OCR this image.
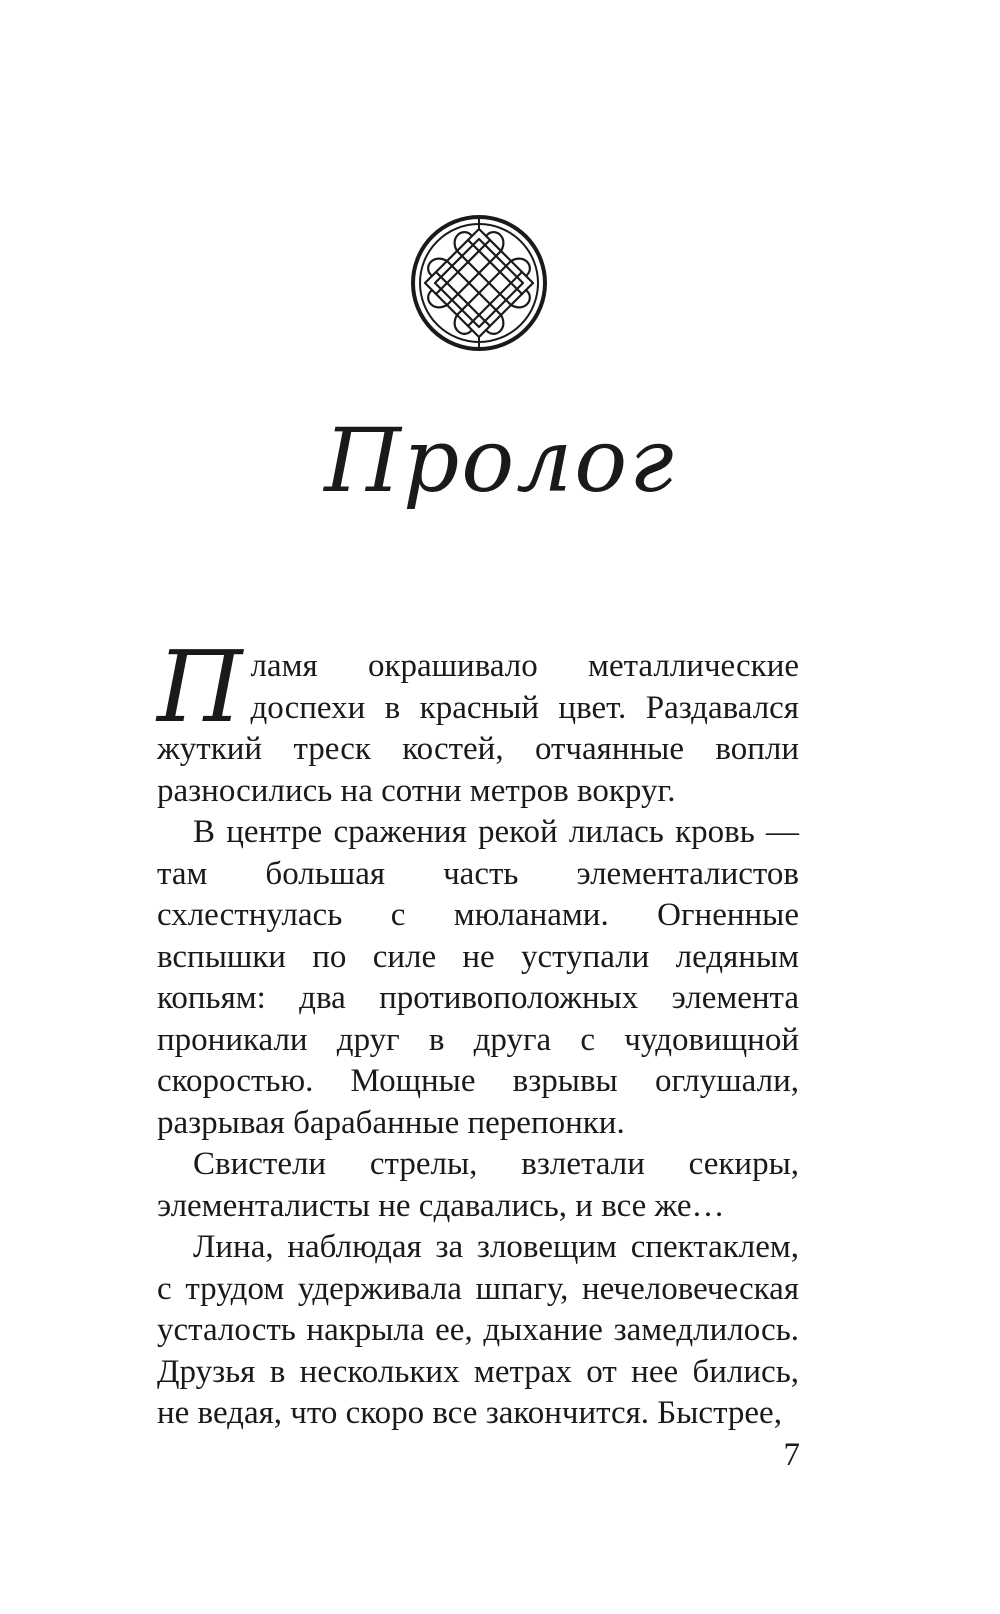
Пролог

Пламя окрашивало металлические доспехи в красный цвет. Раздавался жуткий треск костей, отчаянные вопли разносились на сотни метров вокруг.

В центре сражения рекой лилась кровь — там большая часть элементалистов схлестнулась с мюланами. Огненные вспышки по силе не уступали ледяным копьям: два противоположных элемента проникали друг в друга с чудовищной скоростью. Мощные взрывы оглушали, разрывая барабанные перепонки.

Свистели стрелы, взлетали секиры, элементалисты не сдавались, и все же…

Лина, наблюдая за зловещим спектаклем, с трудом удерживала шпагу, нечеловеческая усталость накрыла ее, дыхание замедлилось. Друзья в нескольких метрах от нее бились, не ведая, что скоро все закончится. Быстрее,

7
